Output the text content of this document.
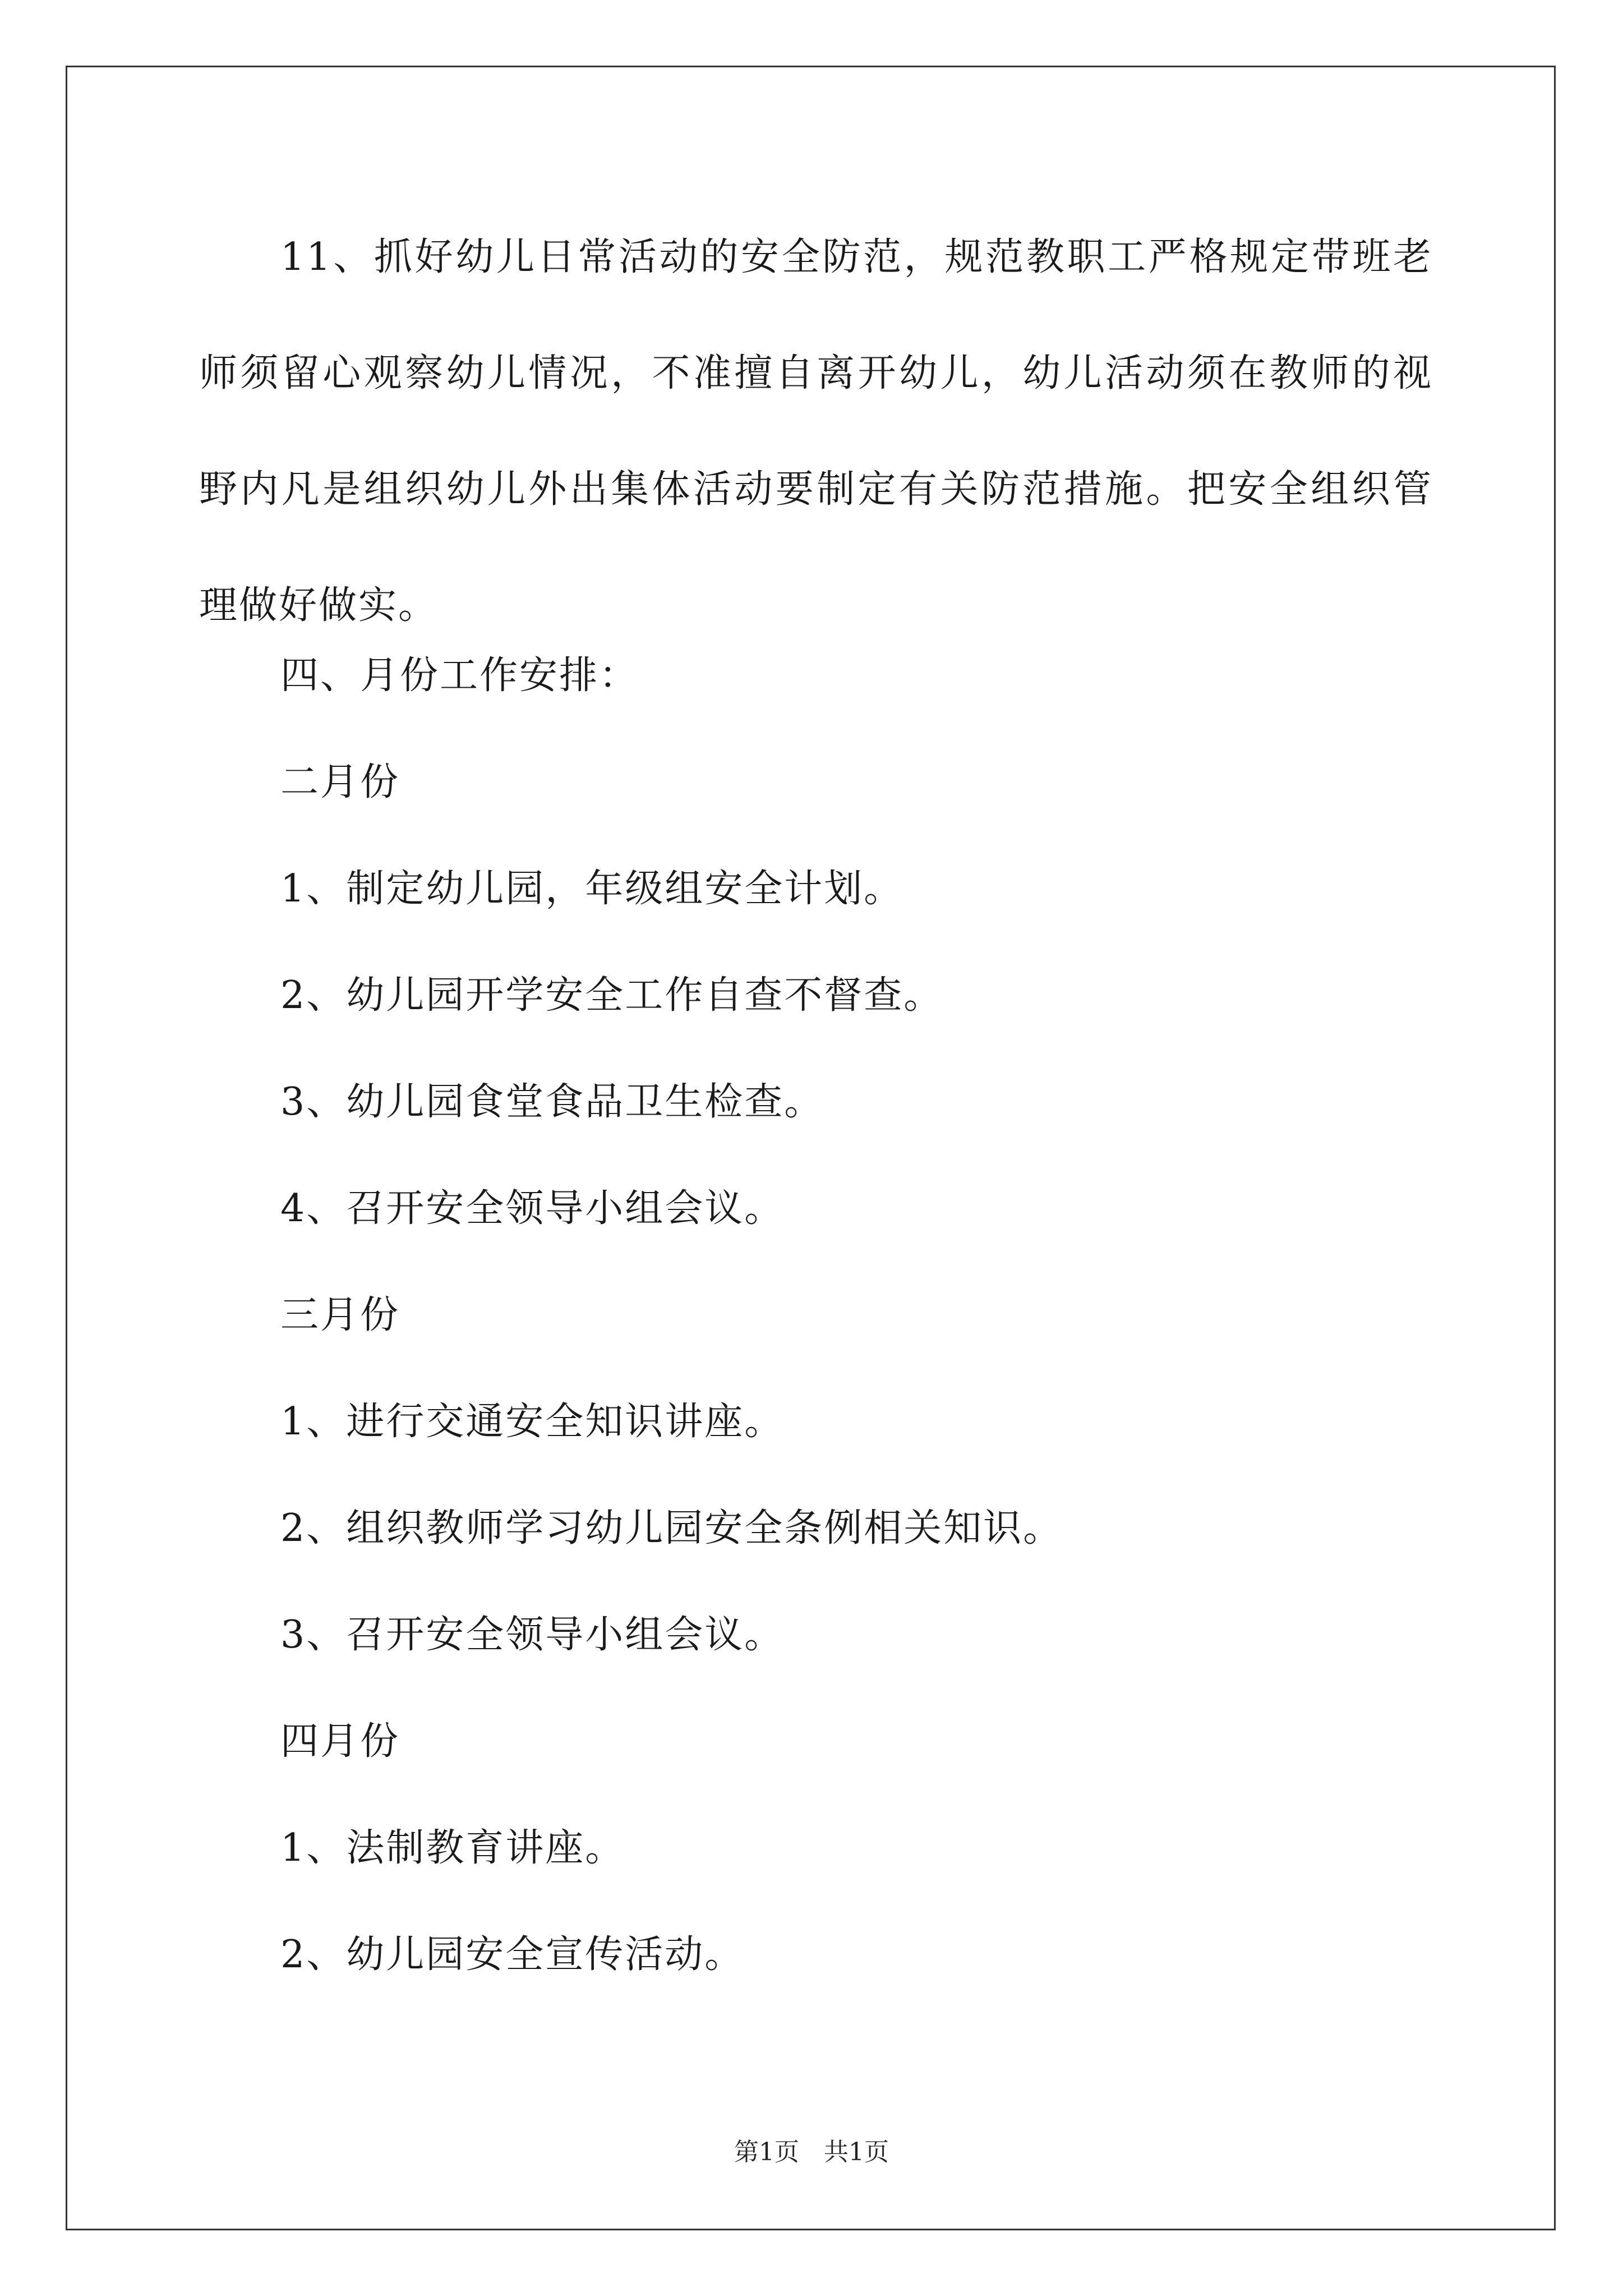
11、抓好幼儿日常活动的安全防范，规范教职工严格规定带班老师须留心观察幼儿情况，不准擅自离开幼儿，幼儿活动须在教师的视野内凡是组织幼儿外出集体活动要制定有关防范措施。把安全组织管理做好做实。

四、月份工作安排：

二月份

1、制定幼儿园，年级组安全计划。

2、幼儿园开学安全工作自查不督查。

3、幼儿园食堂食品卫生检查。

4、召开安全领导小组会议。

三月份

1、进行交通安全知识讲座。

2、组织教师学习幼儿园安全条例相关知识。

3、召开安全领导小组会议。

四月份

1、法制教育讲座。

2、幼儿园安全宣传活动。

第1页　共1页
